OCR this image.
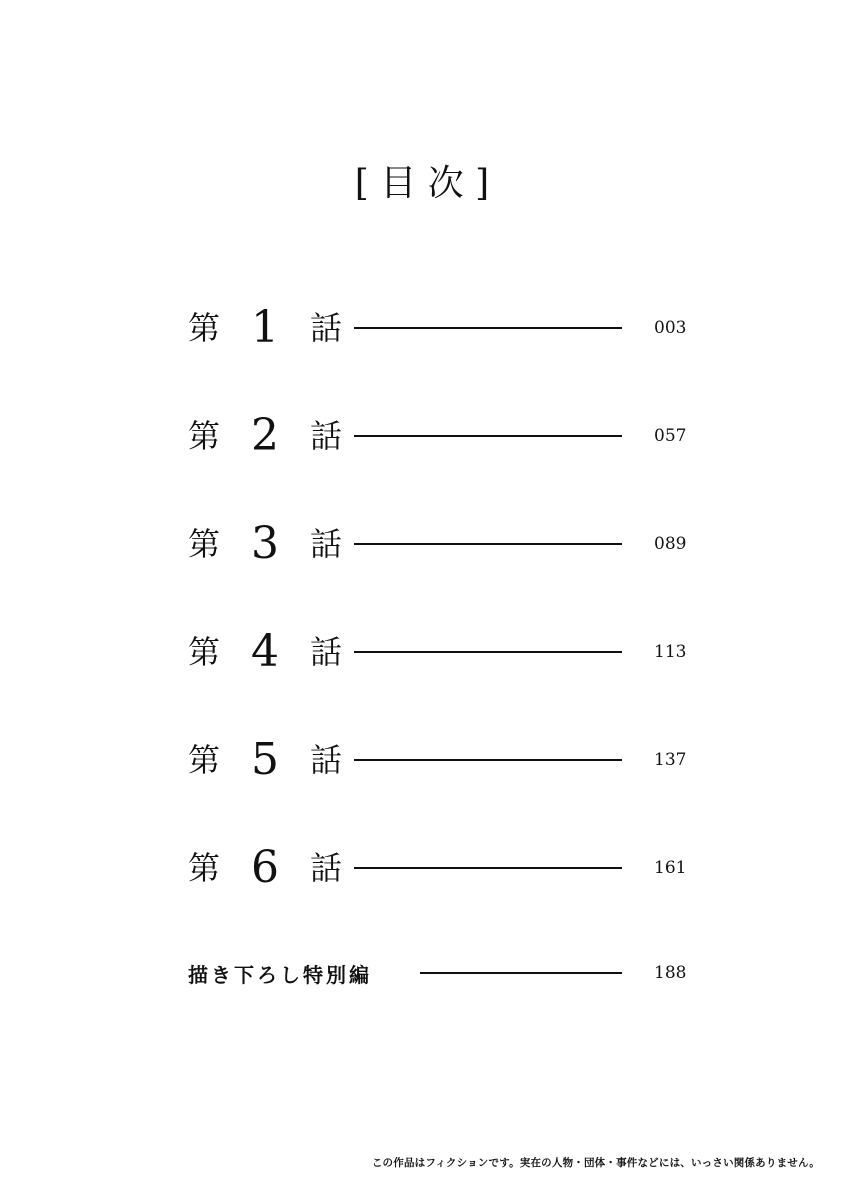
[ 目 次 ]
第 1 話	003
第 2 話	057
第 3 話	089
第 4 話	113
第 5 話	137
第 6 話	161
描き下ろし特別編	188
この作品はフィクションです。実在の人物・団体・事件などには、いっさい関係ありません。
